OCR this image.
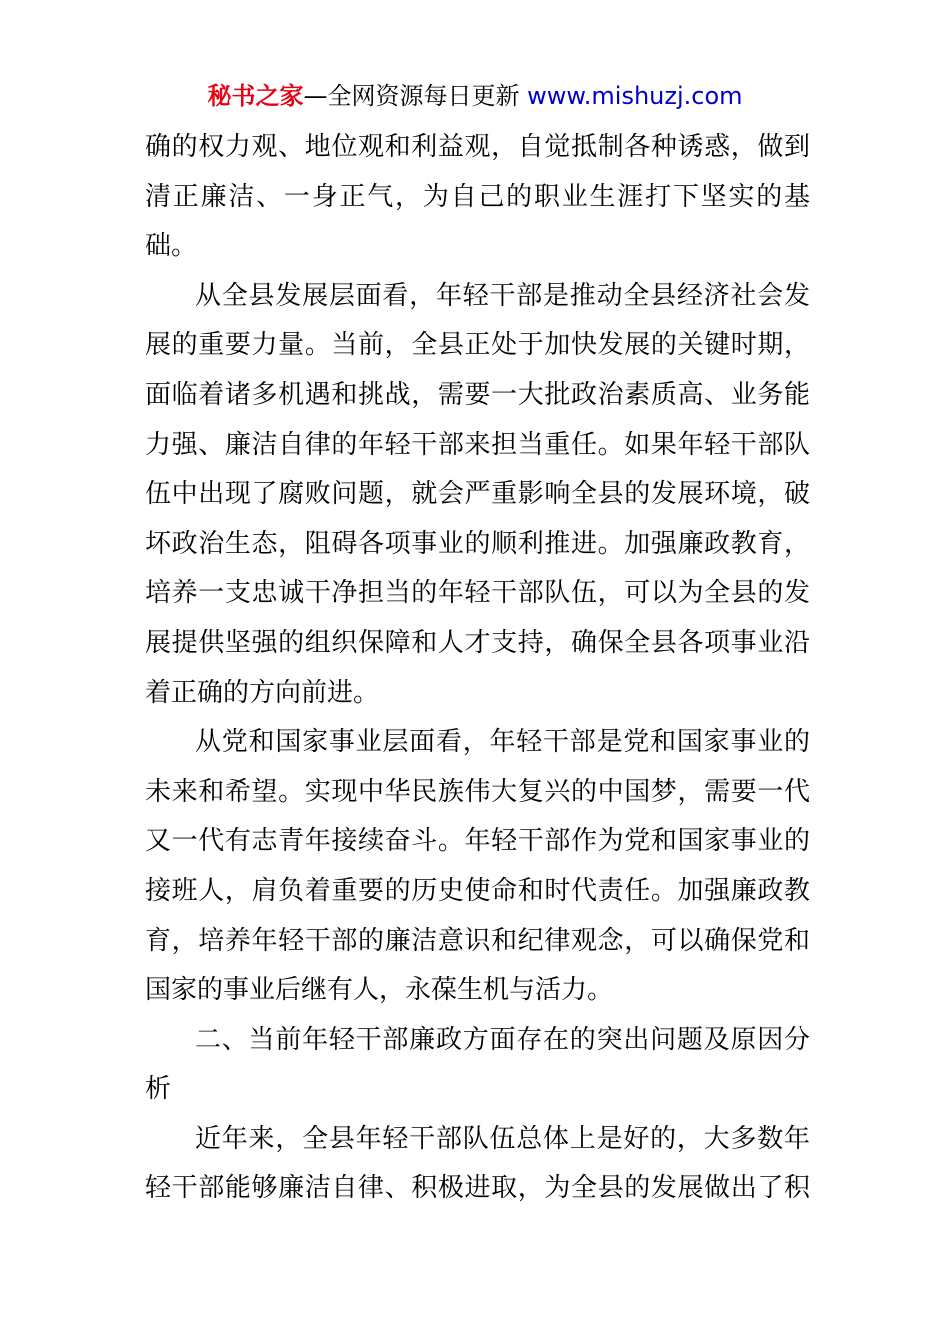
秘书之家—全网资源每日更新 www.mishuzj.com

确的权力观、地位观和利益观，自觉抵制各种诱惑，做到清正廉洁、一身正气，为自己的职业生涯打下坚实的基础。

从全县发展层面看，年轻干部是推动全县经济社会发展的重要力量。当前，全县正处于加快发展的关键时期，面临着诸多机遇和挑战，需要一大批政治素质高、业务能力强、廉洁自律的年轻干部来担当重任。如果年轻干部队伍中出现了腐败问题，就会严重影响全县的发展环境，破坏政治生态，阻碍各项事业的顺利推进。加强廉政教育，培养一支忠诚干净担当的年轻干部队伍，可以为全县的发展提供坚强的组织保障和人才支持，确保全县各项事业沿着正确的方向前进。

从党和国家事业层面看，年轻干部是党和国家事业的未来和希望。实现中华民族伟大复兴的中国梦，需要一代又一代有志青年接续奋斗。年轻干部作为党和国家事业的接班人，肩负着重要的历史使命和时代责任。加强廉政教育，培养年轻干部的廉洁意识和纪律观念，可以确保党和国家的事业后继有人，永葆生机与活力。

二、当前年轻干部廉政方面存在的突出问题及原因分析

近年来，全县年轻干部队伍总体上是好的，大多数年轻干部能够廉洁自律、积极进取，为全县的发展做出了积
